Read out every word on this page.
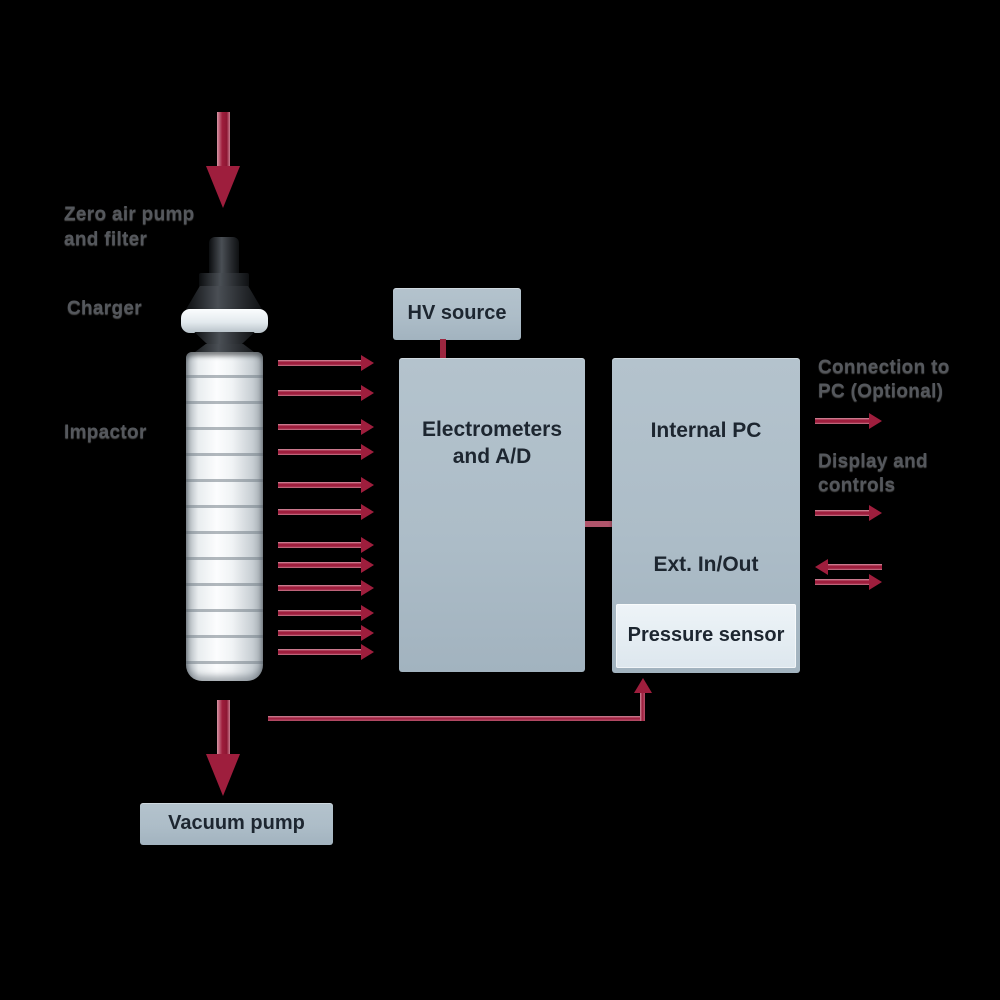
Zero air pump
and filter
Charger
Impactor
HV source
Electrometers
and A/D
Internal PC
Ext. In/Out
Pressure sensor
Connection to
PC (Optional)
Display and
controls
Vacuum pump
